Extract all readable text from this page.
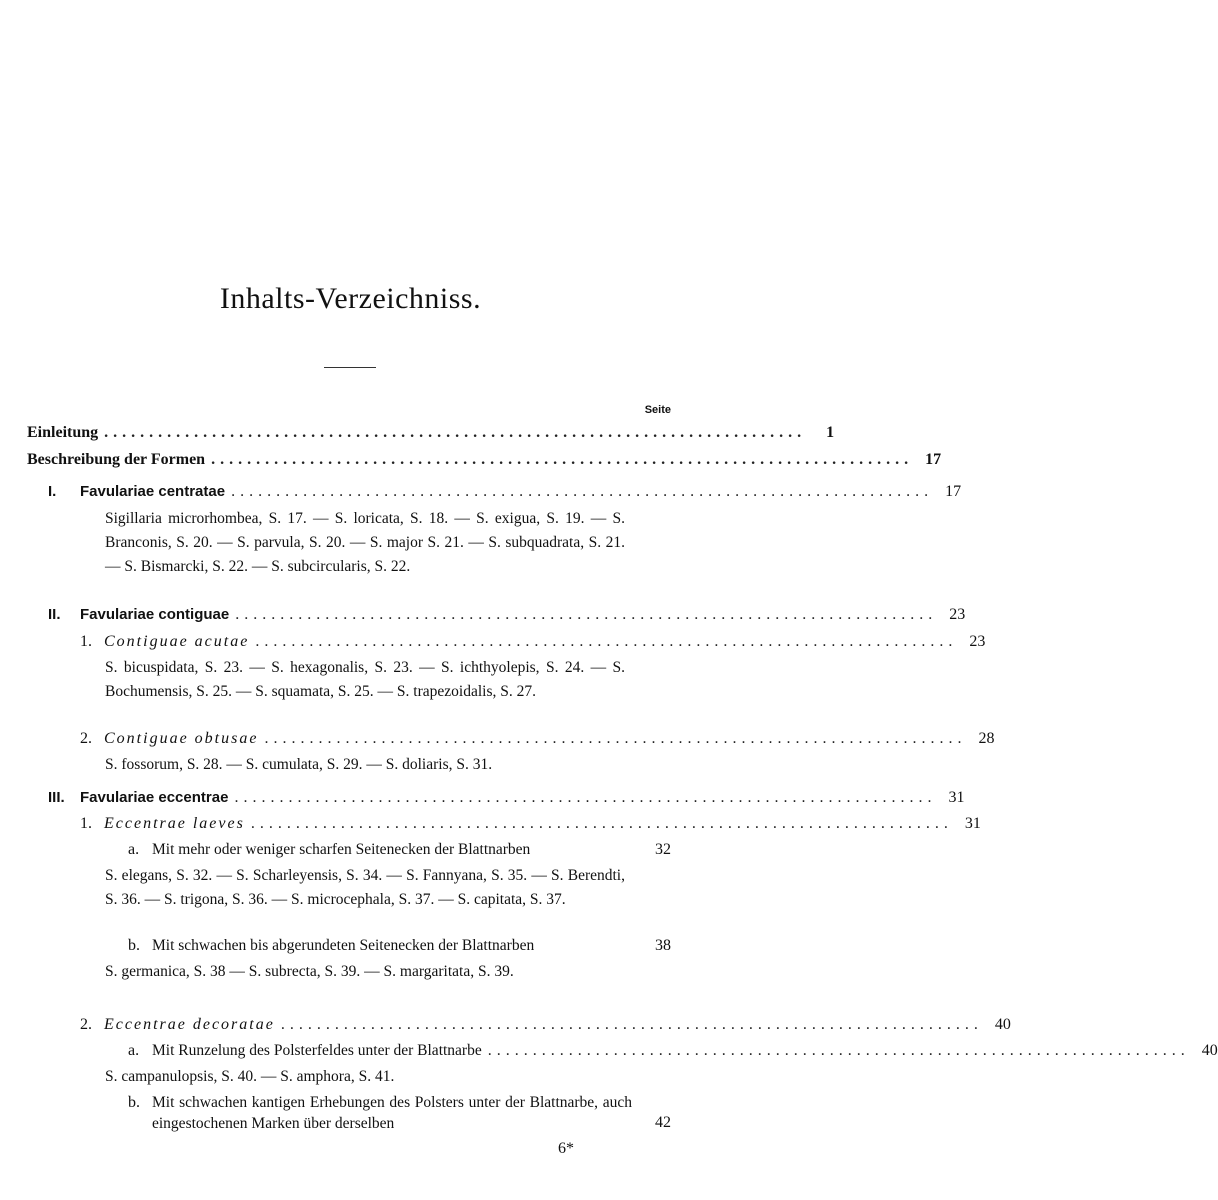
Inhalts-Verzeichniss.
Seite
Einleitung ..............................................................................	1
Beschreibung der Formen .............................................................................. 17
I.	Favulariae centratae .............................................................................. 17
Sigillaria microrhombea, S. 17. — S. loricata, S. 18. — S. exigua, S. 19. — S. Branconis, S. 20. — S. parvula, S. 20. — S. major S. 21. — S. subquadrata, S. 21. — S. Bismarcki, S. 22. — S. subcircularis, S. 22.
II.	Favulariae contiguae .............................................................................. 23
1. Contiguae acutae .............................................................................. 23
S. bicuspidata, S. 23. — S. hexagonalis, S. 23. — S. ichthyolepis, S. 24. — S. Bochumensis, S. 25. — S. squamata, S. 25. — S. trapezoidalis, S. 27.
2. Contiguae obtusae .............................................................................. 28
S. fossorum, S. 28. — S. cumulata, S. 29. — S. doliaris, S. 31.
III.	Favulariae eccentrae .............................................................................. 31
1. Eccentrae laeves .............................................................................. 31
a. Mit mehr oder weniger scharfen Seitenecken der Blattnarben	32
S. elegans, S. 32. — S. Scharleyensis, S. 34. — S. Fannyana, S. 35. — S. Berendti, S. 36. — S. trigona, S. 36. — S. microcephala, S. 37. — S. capitata, S. 37.
b. Mit schwachen bis abgerundeten Seitenecken der Blattnarben	38
S. germanica, S. 38 — S. subrecta, S. 39. — S. margaritata, S. 39.
2. Eccentrae decoratae .............................................................................. 40
a. Mit Runzelung des Polsterfeldes unter der Blattnarbe .............................................................................. 40
S. campanulopsis, S. 40. — S. amphora, S. 41.
b. Mit schwachen kantigen Erhebungen des Polsters unter der Blattnarbe, auch eingestochenen Marken über derselben	42
6*
